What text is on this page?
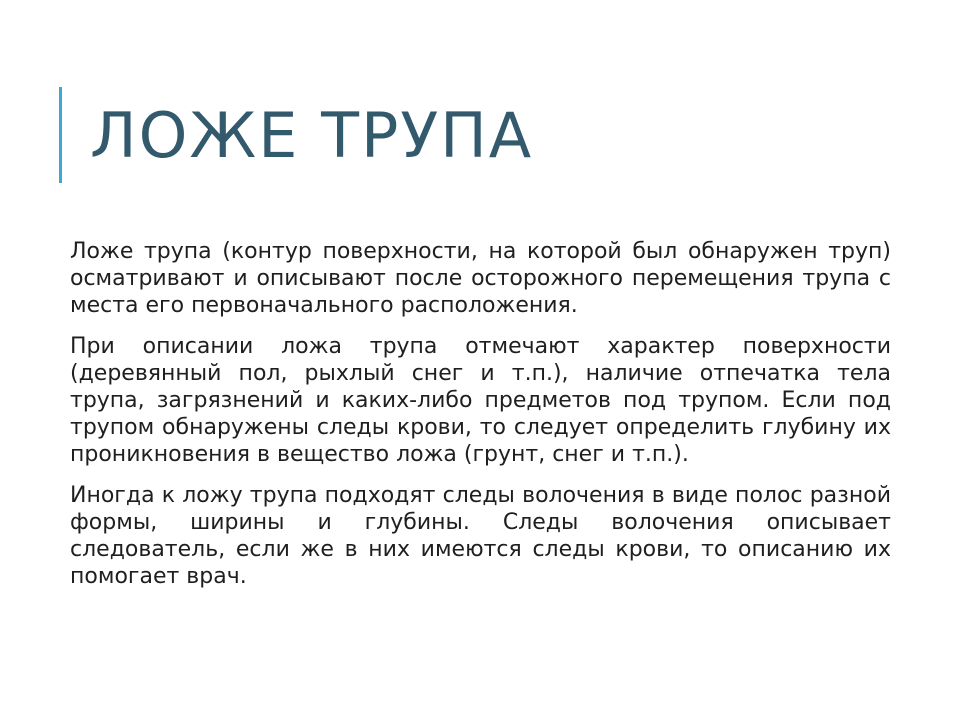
ЛОЖЕ ТРУПА

Ложе трупа (контур поверхности, на которой был обнаружен труп) осматривают и описывают после осторожного перемещения трупа с места его первоначального расположения.

При описании ложа трупа отмечают характер поверхности (деревянный пол, рыхлый снег и т.п.), наличие отпечатка тела трупа, загрязнений и каких-либо предметов под трупом. Если под трупом обнаружены следы крови, то следует определить глубину их проникновения в вещество ложа (грунт, снег и т.п.).

Иногда к ложу трупа подходят следы волочения в виде полос разной формы, ширины и глубины. Следы волочения описывает следователь, если же в них имеются следы крови, то описанию их помогает врач.
